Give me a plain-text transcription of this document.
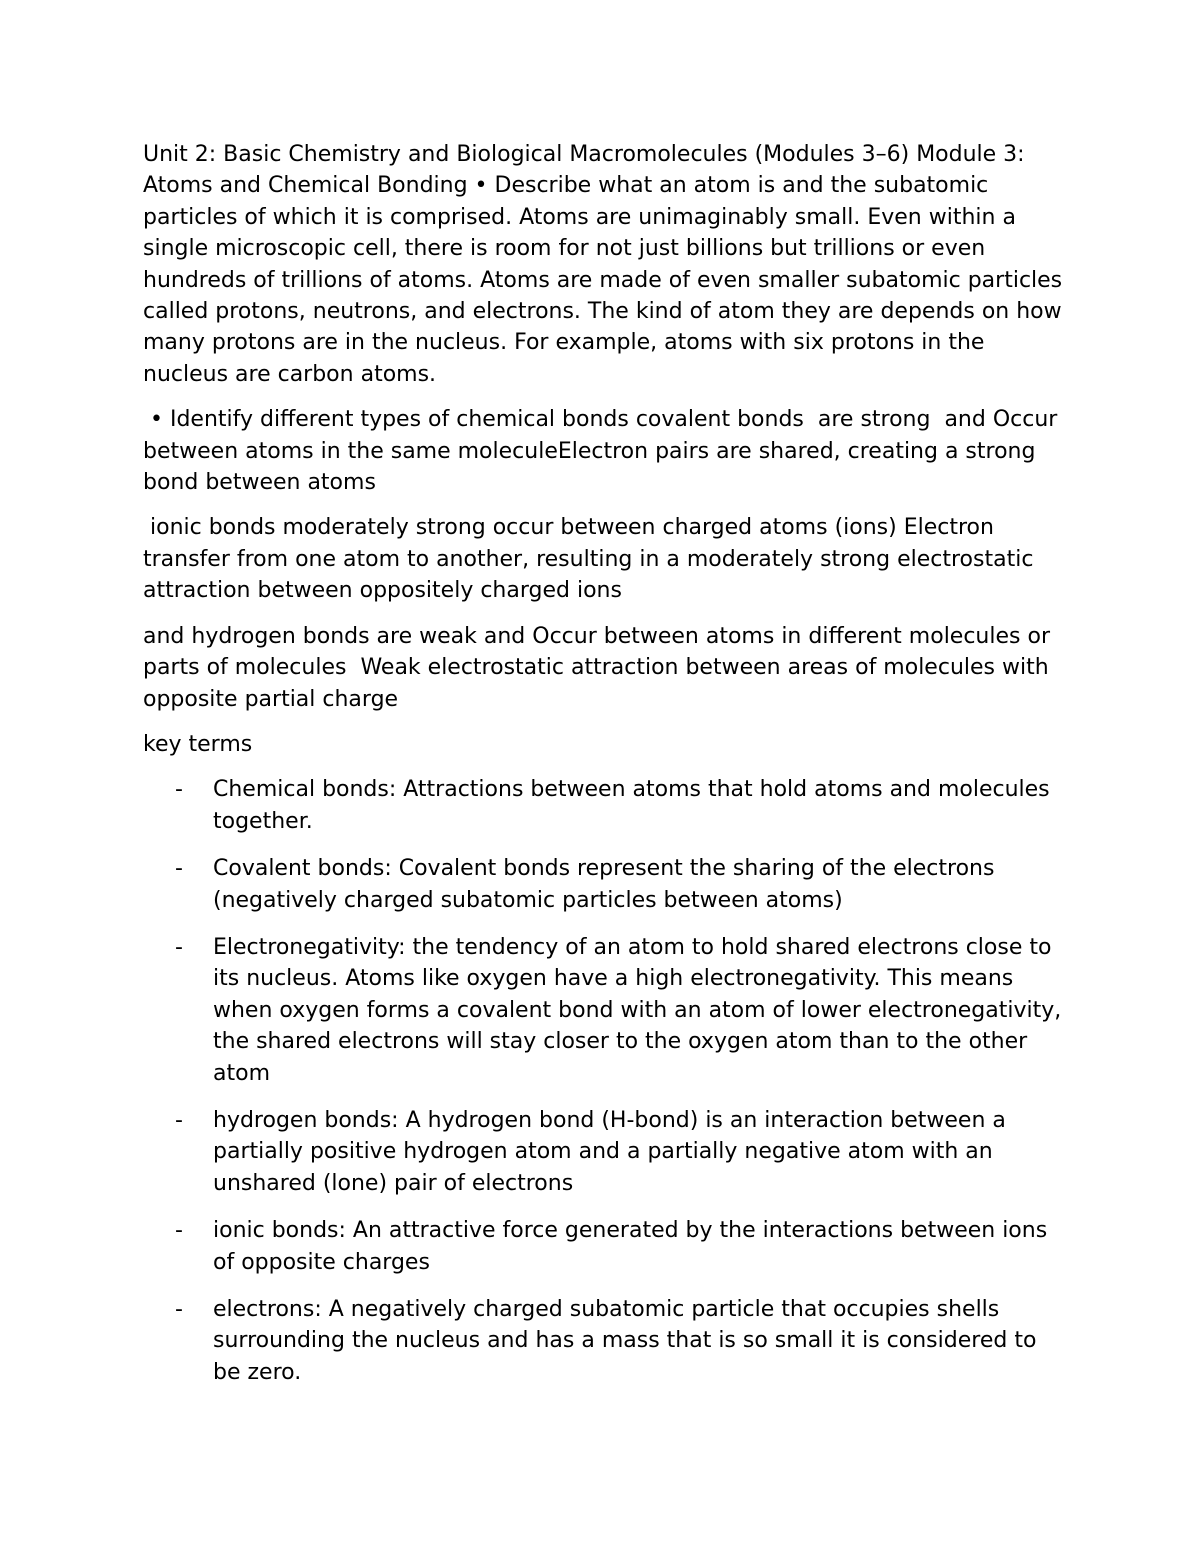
Unit 2: Basic Chemistry and Biological Macromolecules (Modules 3–6) Module 3: Atoms and Chemical Bonding • Describe what an atom is and the subatomic particles of which it is comprised. Atoms are unimaginably small. Even within a single microscopic cell, there is room for not just billions but trillions or even hundreds of trillions of atoms. Atoms are made of even smaller subatomic particles called protons, neutrons, and electrons. The kind of atom they are depends on how many protons are in the nucleus. For example, atoms with six protons in the nucleus are carbon atoms.

• Identify different types of chemical bonds covalent bonds  are strong  and Occur between atoms in the same moleculeElectron pairs are shared, creating a strong bond between atoms

ionic bonds moderately strong occur between charged atoms (ions) Electron transfer from one atom to another, resulting in a moderately strong electrostatic attraction between oppositely charged ions

and hydrogen bonds are weak and Occur between atoms in different molecules or parts of molecules  Weak electrostatic attraction between areas of molecules with opposite partial charge

key terms

- Chemical bonds: Attractions between atoms that hold atoms and molecules together.
- Covalent bonds: Covalent bonds represent the sharing of the electrons (negatively charged subatomic particles between atoms)
- Electronegativity: the tendency of an atom to hold shared electrons close to its nucleus. Atoms like oxygen have a high electronegativity. This means when oxygen forms a covalent bond with an atom of lower electronegativity, the shared electrons will stay closer to the oxygen atom than to the other atom
- hydrogen bonds: A hydrogen bond (H-bond) is an interaction between a partially positive hydrogen atom and a partially negative atom with an unshared (lone) pair of electrons
- ionic bonds: An attractive force generated by the interactions between ions of opposite charges
- electrons: A negatively charged subatomic particle that occupies shells surrounding the nucleus and has a mass that is so small it is considered to be zero.
